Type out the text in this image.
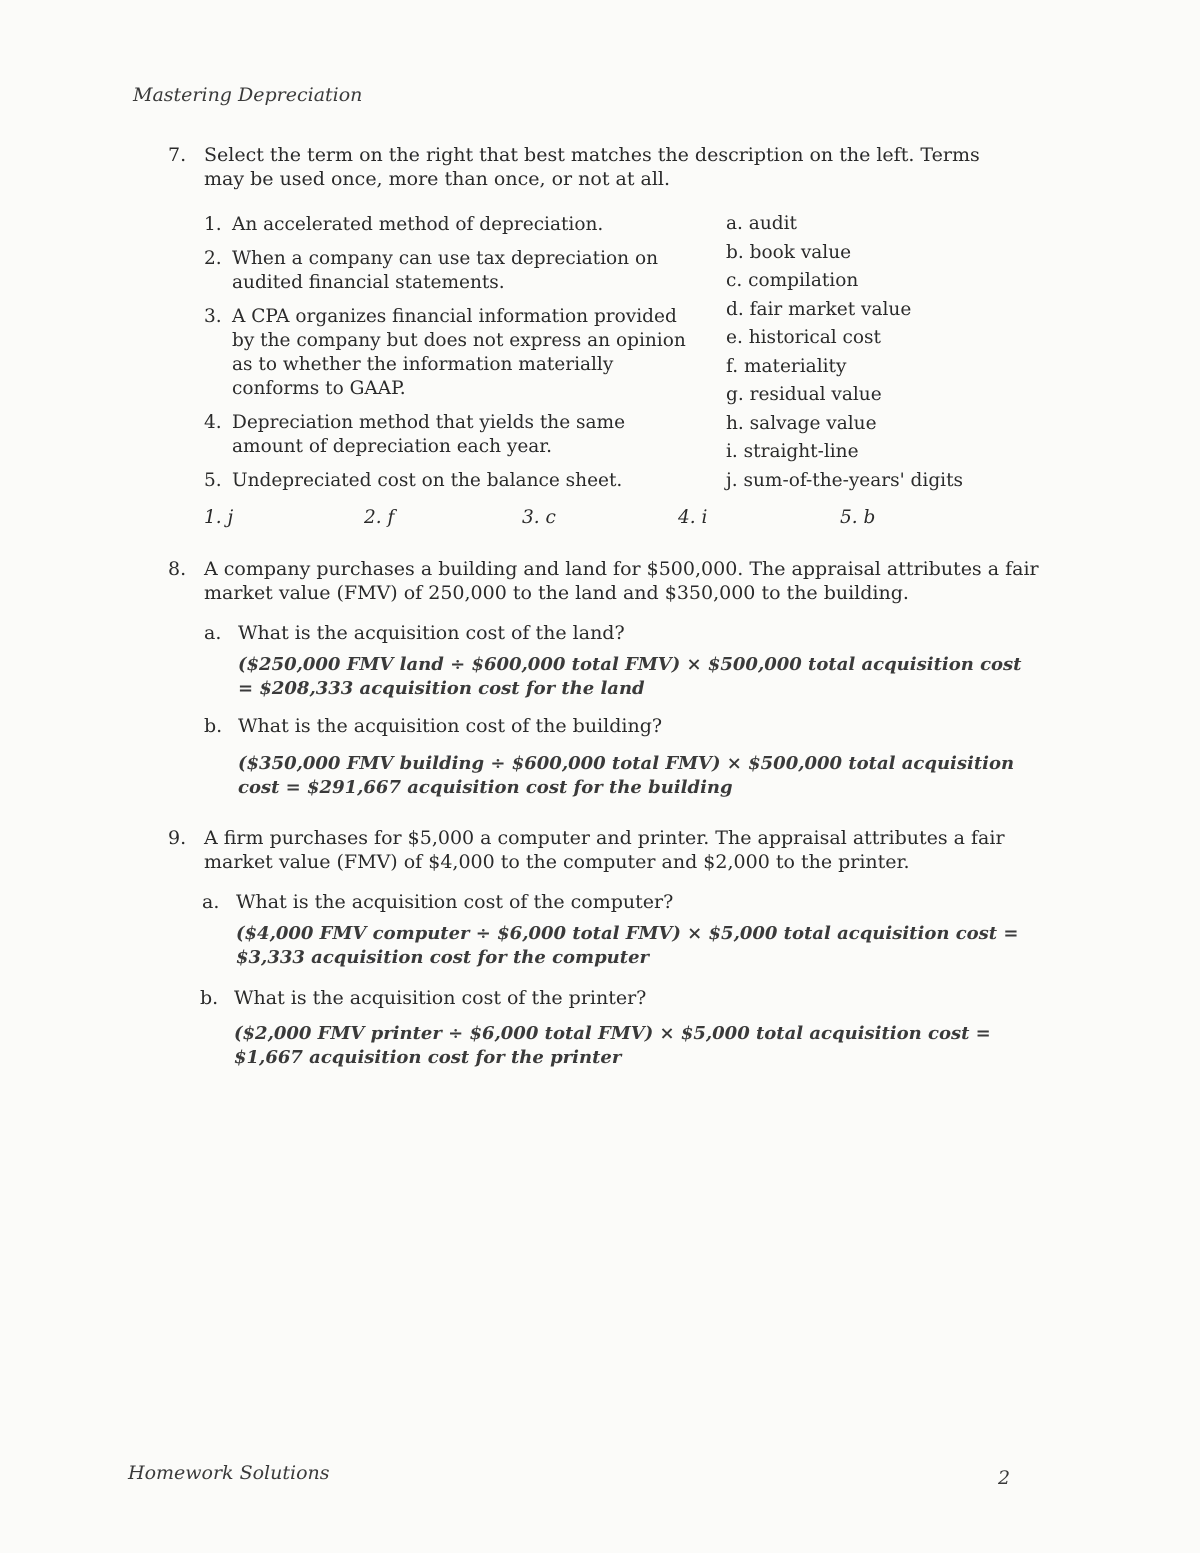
Mastering Depreciation
7. Select the term on the right that best matches the description on the left. Terms may be used once, more than once, or not at all.

1. An accelerated method of depreciation.
2. When a company can use tax depreciation on audited financial statements.
3. A CPA organizes financial information provided by the company but does not express an opinion as to whether the information materially conforms to GAAP.
4. Depreciation method that yields the same amount of depreciation each year.
5. Undepreciated cost on the balance sheet.
a. audit
b. book value
c. compilation
d. fair market value
e. historical cost
f. materiality
g. residual value
h. salvage value
i. straight-line
j. sum-of-the-years' digits
1. j	2. f	3. c	4. i	5. b
8. A company purchases a building and land for $500,000. The appraisal attributes a fair market value (FMV) of 250,000 to the land and $350,000 to the building.

a. What is the acquisition cost of the land?

($250,000 FMV land ÷ $600,000 total FMV) × $500,000 total acquisition cost = $208,333 acquisition cost for the land

b. What is the acquisition cost of the building?

($350,000 FMV building ÷ $600,000 total FMV) × $500,000 total acquisition cost = $291,667 acquisition cost for the building

9. A firm purchases for $5,000 a computer and printer. The appraisal attributes a fair market value (FMV) of $4,000 to the computer and $2,000 to the printer.

a. What is the acquisition cost of the computer?

($4,000 FMV computer ÷ $6,000 total FMV) × $5,000 total acquisition cost = $3,333 acquisition cost for the computer

b. What is the acquisition cost of the printer?

($2,000 FMV printer ÷ $6,000 total FMV) × $5,000 total acquisition cost = $1,667 acquisition cost for the printer

Homework Solutions	2
